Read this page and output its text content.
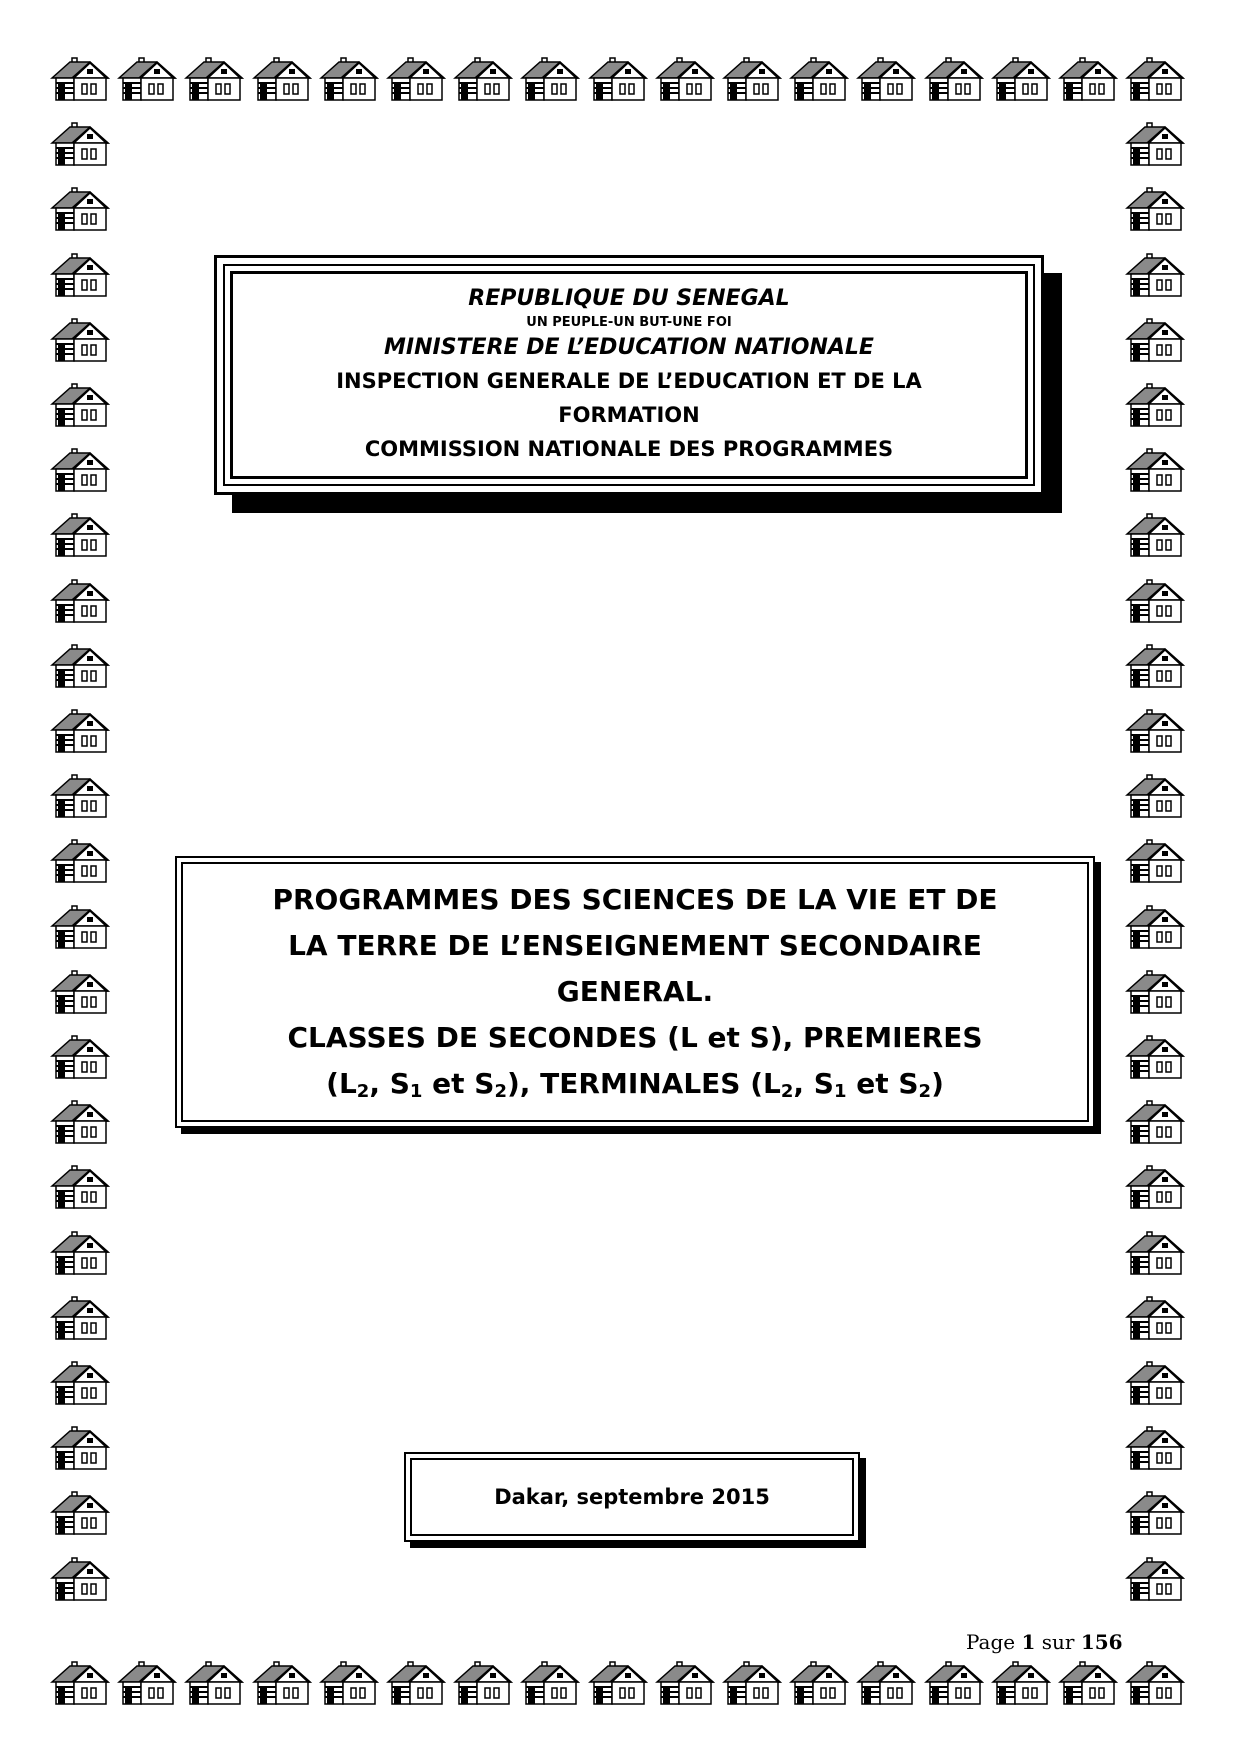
REPUBLIQUE DU SENEGAL
UN PEUPLE-UN BUT-UNE FOI
MINISTERE DE L’EDUCATION NATIONALE
INSPECTION GENERALE DE L’EDUCATION ET DE LA
FORMATION
COMMISSION NATIONALE DES PROGRAMMES
PROGRAMMES DES SCIENCES DE LA VIE ET DE
LA TERRE DE L’ENSEIGNEMENT SECONDAIRE
GENERAL.
CLASSES DE SECONDES (L et S), PREMIERES
($L_2$, $S_1$ et $S_2$), TERMINALES ($L_2$, $S_1$ et $S_2$)
Dakar, septembre 2015
Page 1 sur 156
